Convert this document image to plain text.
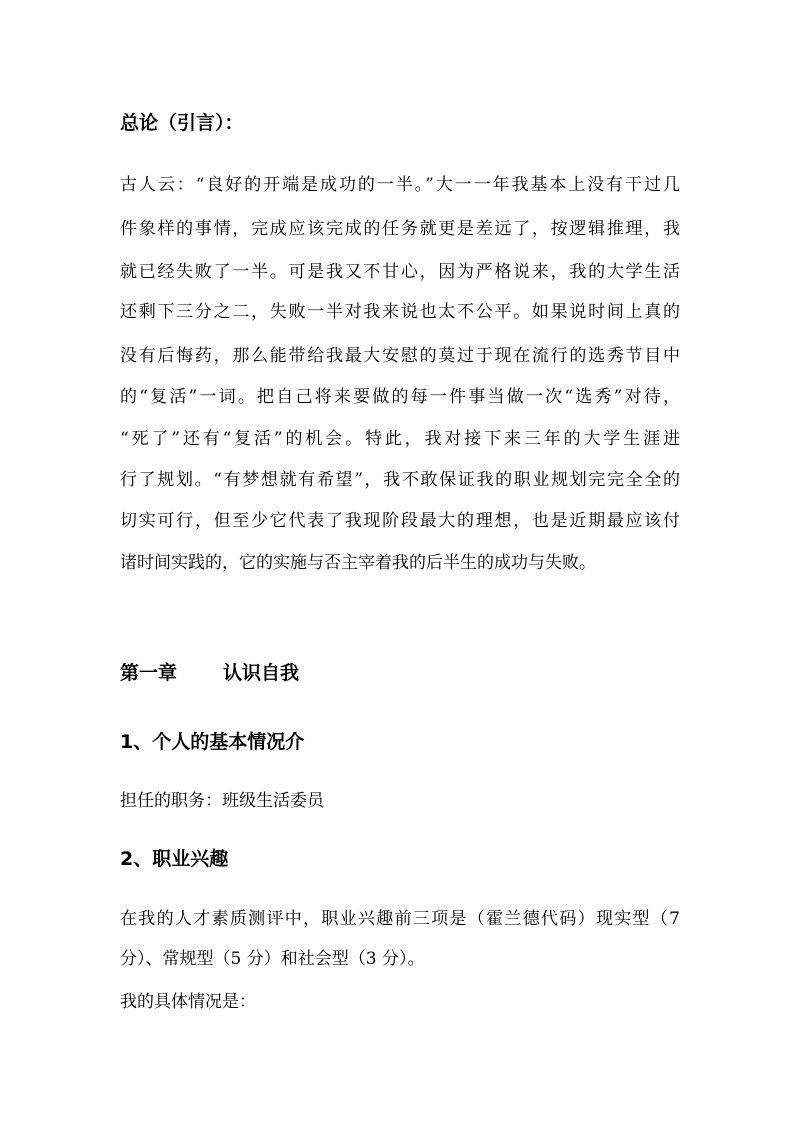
总论（引言）：
古人云：“良好的开端是成功的一半。”大一一年我基本上没有干过几
件象样的事情，完成应该完成的任务就更是差远了，按逻辑推理，我
就已经失败了一半。可是我又不甘心，因为严格说来，我的大学生活
还剩下三分之二，失败一半对我来说也太不公平。如果说时间上真的
没有后悔药，那么能带给我最大安慰的莫过于现在流行的选秀节目中
的“复活”一词。把自己将来要做的每一件事当做一次“选秀”对待，
“死了”还有“复活”的机会。特此，我对接下来三年的大学生涯进
行了规划。“有梦想就有希望”，我不敢保证我的职业规划完完全全的
切实可行，但至少它代表了我现阶段最大的理想，也是近期最应该付
诸时间实践的，它的实施与否主宰着我的后半生的成功与失败。
第一章 认识自我
1、个人的基本情况介
担任的职务：班级生活委员
2、职业兴趣
在我的人才素质测评中，职业兴趣前三项是（霍兰德代码）现实型（7
分）、常规型（5 分）和社会型（3 分）。
我的具体情况是：
